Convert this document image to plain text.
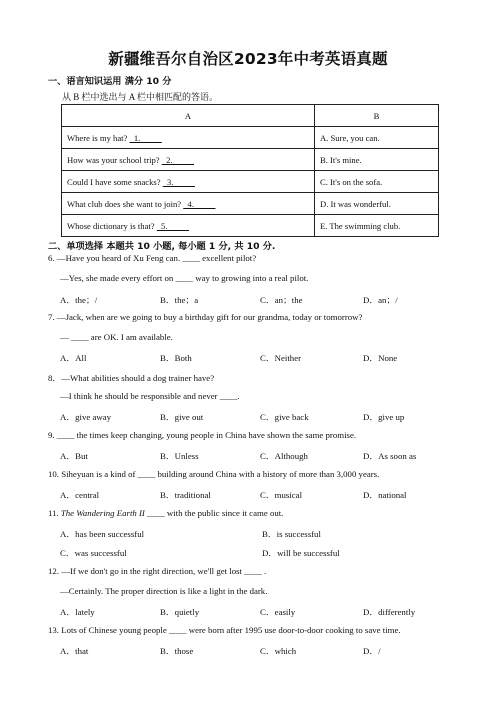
新疆维吾尔自治区2023年中考英语真题
一、语言知识运用 满分 10 分
从 B 栏中选出与 A 栏中相匹配的答语。
A	B
Where is my hat?   1.	A. Sure, you can.
How was your school trip?   2.	B. It's mine.
Could I have some snacks?   3.	C. It's on the sofa.
What club does she want to join?   4.	D. It was wonderful.
Whose dictionary is that?   5.	E. The swimming club.
二、单项选择 本题共 10 小题, 每小题 1 分, 共 10 分.
6. —Have you heard of Xu Feng can. ____ excellent pilot?
—Yes, she made every effort on ____ way to growing into a real pilot.
A．the；/	B．the；a	C．an；the	D．an；/
7. —Jack, when are we going to buy a birthday gift for our grandma, today or tomorrow?
— ____ are OK. I am available.
A．All	B．Both	C．Neither	D．None
8．—What abilities should a dog trainer have?
—I think he should be responsible and never ____.
A．give away	B．give out	C．give back	D．give up
9. ____ the times keep changing, young people in China have shown the same promise.
A．But	B．Unless	C．Although	D．As soon as
10. Siheyuan is a kind of ____ building around China with a history of more than 3,000 years.
A．central	B．traditional	C．musical	D．national
11. The Wandering Earth II ____ with the public since it came out.
A．has been successful	B．is successful
C．was successful	D．will be successful
12. —If we don't go in the right direction, we'll get lost ____ .
—Certainly. The proper direction is like a light in the dark.
A．lately	B．quietly	C．easily	D．differently
13. Lots of Chinese young people ____ were born after 1995 use door-to-door cooking to save time.
A．that	B．those	C．which	D．/
